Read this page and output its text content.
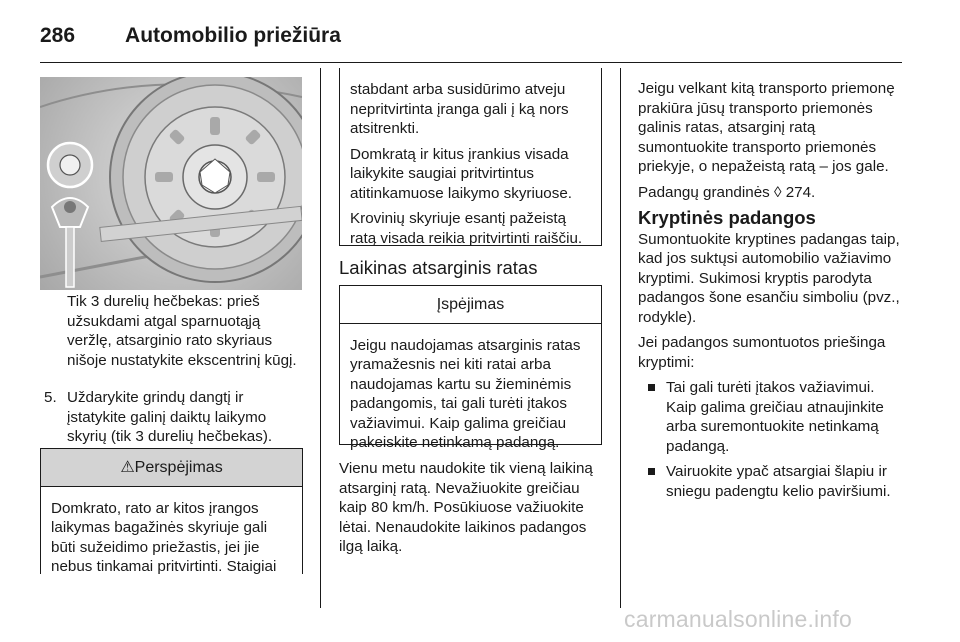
286 Automobilio priežiūra
Tik 3 durelių hečbekas: prieš užsukdami atgal sparnuotąją veržlę, atsarginio rato skyriaus nišoje nustatykite ekscentrinį kūgį.
5. Uždarykite grindų dangtį ir įstatykite galinį daiktų laikymo skyrių (tik 3 durelių hečbekas).
⚠Perspėjimas
Domkrato, rato ar kitos įrangos laikymas bagažinės skyriuje gali būti sužeidimo priežastis, jei jie nebus tinkamai pritvirtinti. Staigiai

stabdant arba susidūrimo atveju nepritvirtinta įranga gali į ką nors atsitrenkti.

Domkratą ir kitus įrankius visada laikykite saugiai pritvirtintus atitinkamuose laikymo skyriuose.

Krovinių skyriuje esantį pažeistą ratą visada reikia pritvirtinti raiščiu.

Laikinas atsarginis ratas
Įspėjimas
Jeigu naudojamas atsarginis ratas yramažesnis nei kiti ratai arba naudojamas kartu su žieminėmis padangomis, tai gali turėti įtakos važiavimui. Kaip galima greičiau pakeiskite netinkamą padangą.

Vienu metu naudokite tik vieną laikiną atsarginį ratą. Nevažiuokite greičiau kaip 80 km/h. Posūkiuose važiuokite lėtai. Nenaudokite laikinos padangos ilgą laiką.

Jeigu velkant kitą transporto priemonę prakiūra jūsų transporto priemonės galinis ratas, atsarginį ratą sumontuokite transporto priemonės priekyje, o nepažeistą ratą – jos gale.

Padangų grandinės ◊ 274.

Kryptinės padangos

Sumontuokite kryptines padangas taip, kad jos suktųsi automobilio važiavimo kryptimi. Sukimosi kryptis parodyta padangos šone esančiu simboliu (pvz., rodykle).

Jei padangos sumontuotos priešinga kryptimi:

Tai gali turėti įtakos važiavimui. Kaip galima greičiau atnaujinkite arba suremontuokite netinkamą padangą.
Vairuokite ypač atsargiai šlapiu ir sniegu padengtu kelio paviršiumi.
carmanualsonline.info
